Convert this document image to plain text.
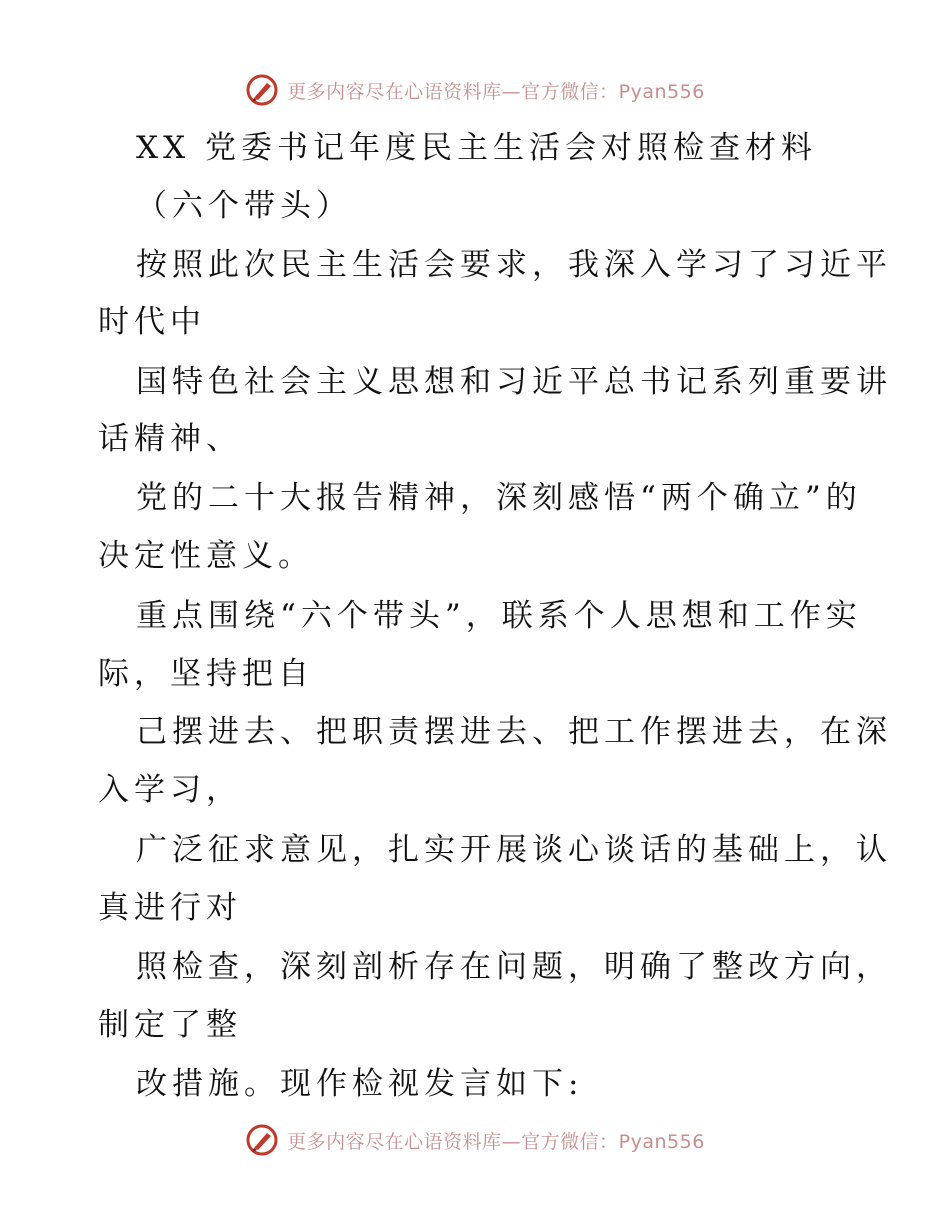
更多内容尽在心语资料库—官方微信：Pyan556
XX 党委书记年度民主生活会对照检查材料
（六个带头）
按照此次民主生活会要求，我深入学习了习近平
时代中
国特色社会主义思想和习近平总书记系列重要讲
话精神、
党的二十大报告精神，深刻感悟“两个确立”的
决定性意义。
重点围绕“六个带头”，联系个人思想和工作实
际，坚持把自
己摆进去、把职责摆进去、把工作摆进去，在深
入学习，
广泛征求意见，扎实开展谈心谈话的基础上，认
真进行对
照检查，深刻剖析存在问题，明确了整改方向，
制定了整
改措施。现作检视发言如下:
更多内容尽在心语资料库—官方微信：Pyan556
